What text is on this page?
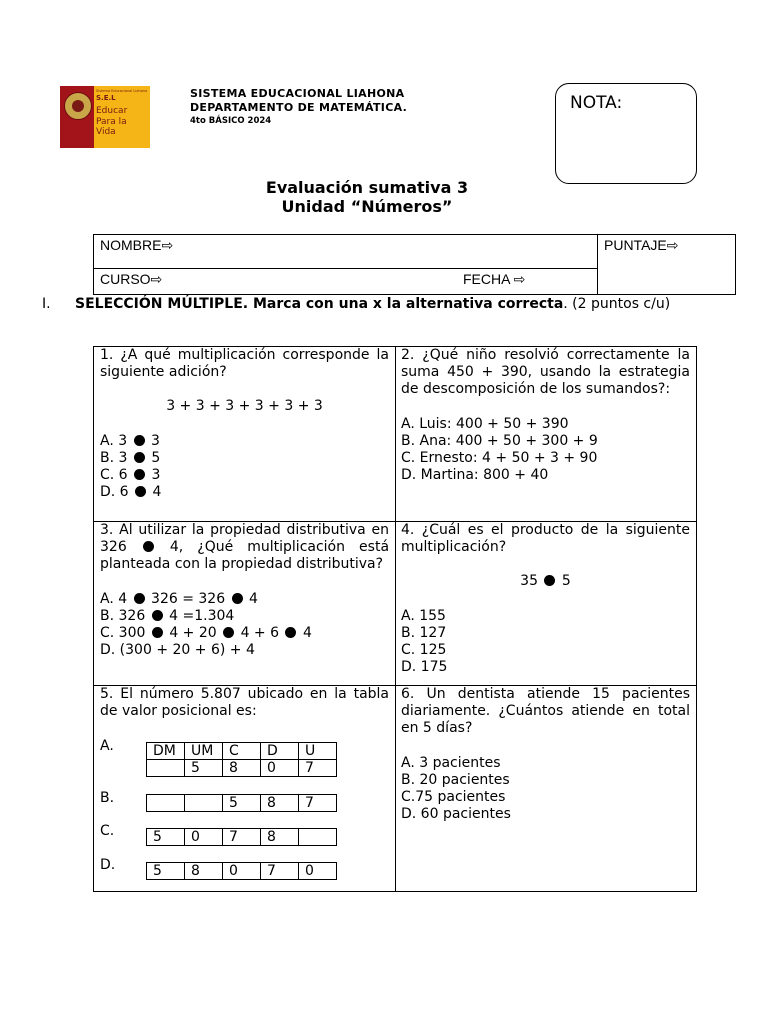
Sistema Educacional Liahona
S.E.L
Educar Para la Vida
SISTEMA EDUCACIONAL LIAHONA
DEPARTAMENTO DE MATEMÁTICA.
4to BÁSICO 2024
NOTA:
Evaluación sumativa 3
Unidad “Números”
NOMBRE⇨
CURSO⇨	FECHA ⇨
PUNTAJE⇨
I. SELECCIÓN MÚLTIPLE. Marca con una x la alternativa correcta. (2 puntos c/u)
1. ¿A qué multiplicación corresponde la siguiente adición?
3 + 3 + 3 + 3 + 3 + 3
A. 3 3
B. 3 5
C. 6 3
D. 6 4
2. ¿Qué niño resolvió correctamente la suma 450 + 390, usando la estrategia de descomposición de los sumandos?:
A. Luis: 400 + 50 + 390
B. Ana: 400 + 50 + 300 + 9
C. Ernesto: 4 + 50 + 3 + 90
D. Martina: 800 + 40
3. Al utilizar la propiedad distributiva en 326	4, ¿Qué multiplicación está planteada con la propiedad distributiva?
A. 4 326 = 326 4
B. 326 4 =1.304
C. 300 4 + 20 4 + 6 4
D. (300 + 20 + 6) + 4
4. ¿Cuál es el producto de la siguiente multiplicación?
35 5
A. 155
B. 127
C. 125
D. 175
5. El número 5.807 ubicado en la tabla de valor posicional es:
A.	DM	UM	C	D	U
	5	8	0	7
B.
			5	8	7
C.	5	0	7	8	
D.	5	8	0	7	0
6. Un dentista atiende 15 pacientes diariamente. ¿Cuántos atiende en total en 5 días?
A. 3 pacientes
B. 20 pacientes
C.75 pacientes
D. 60 pacientes
